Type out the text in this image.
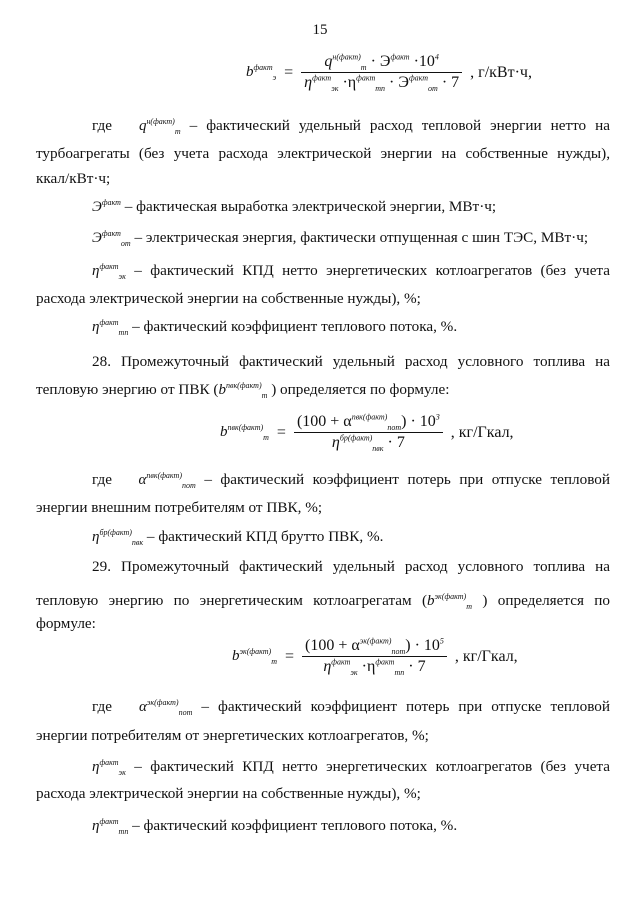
15
$b^{факт}_э = \frac{q^{н(факт)}_т \cdot Э^{факт} \cdot 10^4}{\eta^{факт}_{эк} \cdot\eta^{факт}_{тп} \cdot Э^{факт}_{от} \cdot 7}$ , г/кВт·ч,
где $q^{н(факт)}_т$ – фактический удельный расход тепловой энергии нетто на
турбоагрегаты (без учета расхода электрической энергии на собственные нужды),
ккал/кВт·ч;
$Э^{факт}$ – фактическая выработка электрической энергии, МВт·ч;
$Э^{факт}_{от}$ – электрическая энергия, фактически отпущенная с шин ТЭС, МВт·ч;
$\eta^{факт}_{эк}$ – фактический КПД нетто энергетических котлоагрегатов (без учета
расхода электрической энергии на собственные нужды), %;
$\eta^{факт}_{тп}$ – фактический коэффициент теплового потока, %.
28. Промежуточный фактический удельный расход условного топлива на
тепловую энергию от ПВК ($b^{пвк(факт)}_т$ ) определяется по формуле:
$b^{пвк(факт)}_т = \frac{(100 + \alpha^{пвк(факт)}_{пот}) \cdot 10^3}{\eta^{бр(факт)}_{пвк} \cdot 7}$ , кг/Гкал,
где $\alpha^{пвк(факт)}_{пот}$ – фактический коэффициент потерь при отпуске тепловой
энергии внешним потребителям от ПВК, %;
$\eta^{бр(факт)}_{пвк}$ – фактический КПД брутто ПВК, %.
29. Промежуточный фактический удельный расход условного топлива на
тепловую энергию по энергетическим котлоагрегатам ($b^{эк(факт)}_т$ ) определяется по
формуле:
$b^{эк(факт)}_т = \frac{(100 + \alpha^{эк(факт)}_{пот}) \cdot 10^5}{\eta^{факт}_{эк} \cdot\eta^{факт}_{тп} \cdot 7}$ , кг/Гкал,
где $\alpha^{эк(факт)}_{пот}$ – фактический коэффициент потерь при отпуске тепловой
энергии потребителям от энергетических котлоагрегатов, %;
$\eta^{факт}_{эк}$ – фактический КПД нетто энергетических котлоагрегатов (без учета
расхода электрической энергии на собственные нужды), %;
$\eta^{факт}_{тп}$ – фактический коэффициент теплового потока, %.
